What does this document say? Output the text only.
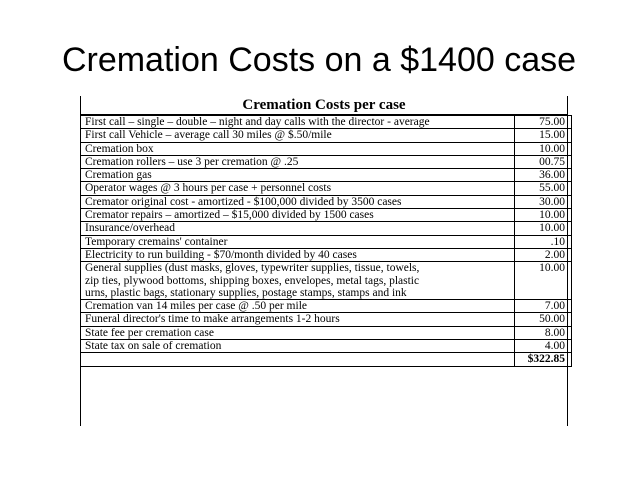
Cremation Costs on a $1400 case
Cremation Costs per case
First call – single – double – night and day calls with the director - average	75.00
First call Vehicle – average call 30 miles @ $.50/mile	15.00
Cremation box	10.00
Cremation rollers – use 3 per cremation @ .25	00.75
Cremation gas	36.00
Operator wages @ 3 hours per case + personnel costs	55.00
Cremator original cost - amortized - $100,000 divided by 3500 cases	30.00
Cremator repairs – amortized – $15,000 divided by 1500 cases	10.00
Insurance/overhead	10.00
Temporary cremains' container	.10
Electricity to run building - $70/month divided by 40 cases	2.00

General supplies (dust masks, gloves, typewriter supplies, tissue, towels,
zip ties, plywood bottoms, shipping boxes, envelopes, metal tags, plastic
urns, plastic bags, stationary supplies, postage stamps, stamps and ink	10.00
Cremation van 14 miles per case @ .50 per mile	7.00
Funeral director's time to make arrangements 1-2 hours	50.00
State fee per cremation case	8.00
State tax on sale of cremation	4.00
	$322.85
